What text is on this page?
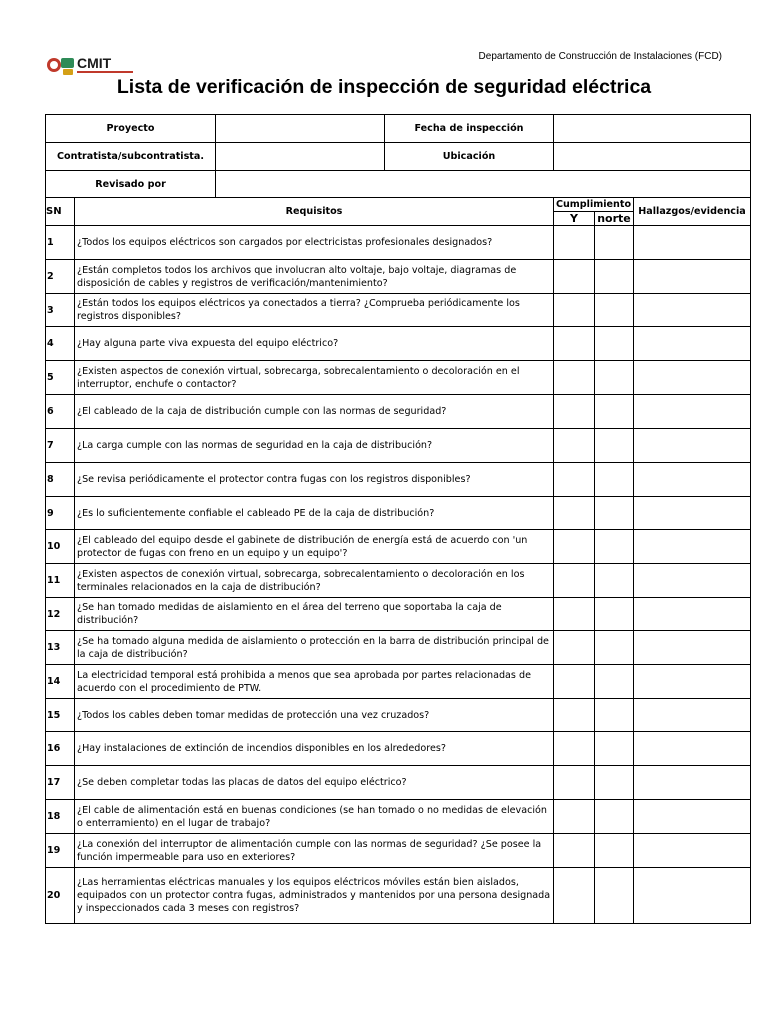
CMIT	Departamento de Construcción de Instalaciones (FCD)
Lista de verificación de inspección de seguridad eléctrica
Proyecto			Fecha de inspección			
Contratista/subcontratista.			Ubicación			
Revisado por						
SN	Requisitos			Cumplimiento		Hallazgos/evidencia
				Y	norte	
1	¿Todos los equipos eléctricos son cargados por electricistas profesionales designados?					
2	¿Están completos todos los archivos que involucran alto voltaje, bajo voltaje, diagramas de disposición de cables y registros de verificación/mantenimiento?					
3	¿Están todos los equipos eléctricos ya conectados a tierra? ¿Comprueba periódicamente los registros disponibles?					
4	¿Hay alguna parte viva expuesta del equipo eléctrico?					
5	¿Existen aspectos de conexión virtual, sobrecarga, sobrecalentamiento o decoloración en el interruptor, enchufe o contactor?					
6	¿El cableado de la caja de distribución cumple con las normas de seguridad?					
7	¿La carga cumple con las normas de seguridad en la caja de distribución?					
8	¿Se revisa periódicamente el protector contra fugas con los registros disponibles?					
9	¿Es lo suficientemente confiable el cableado PE de la caja de distribución?					
10	¿El cableado del equipo desde el gabinete de distribución de energía está de acuerdo con 'un protector de fugas con freno en un equipo y un equipo'?					
11	¿Existen aspectos de conexión virtual, sobrecarga, sobrecalentamiento o decoloración en los terminales relacionados en la caja de distribución?					
12	¿Se han tomado medidas de aislamiento en el área del terreno que soportaba la caja de distribución?					
13	¿Se ha tomado alguna medida de aislamiento o protección en la barra de distribución principal de la caja de distribución?					
14	La electricidad temporal está prohibida a menos que sea aprobada por partes relacionadas de acuerdo con el procedimiento de PTW.					
15	¿Todos los cables deben tomar medidas de protección una vez cruzados?					
16	¿Hay instalaciones de extinción de incendios disponibles en los alrededores?					
17	¿Se deben completar todas las placas de datos del equipo eléctrico?					
18	¿El cable de alimentación está en buenas condiciones (se han tomado o no medidas de elevación o enterramiento) en el lugar de trabajo?					
19	¿La conexión del interruptor de alimentación cumple con las normas de seguridad? ¿Se posee la función impermeable para uso en exteriores?					
20	¿Las herramientas eléctricas manuales y los equipos eléctricos móviles están bien aislados, equipados con un protector contra fugas, administrados y mantenidos por una persona designada y inspeccionados cada 3 meses con registros?					
